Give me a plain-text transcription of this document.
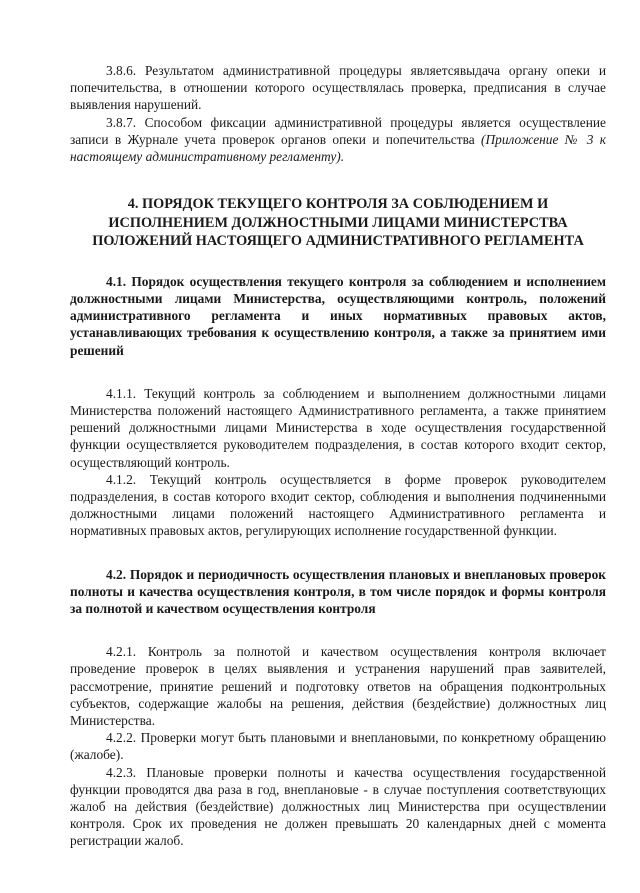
3.8.6. Результатом административной процедуры являетсявыдача органу опеки и попечительства, в отношении которого осуществлялась проверка, предписания в случае выявления нарушений.

3.8.7. Способом фиксации административной процедуры является осуществление записи в Журнале учета проверок органов опеки и попечительства (Приложение № 3 к настоящему административному регламенту).

4. ПОРЯДОК ТЕКУЩЕГО КОНТРОЛЯ ЗА СОБЛЮДЕНИЕМ И ИСПОЛНЕНИЕМ ДОЛЖНОСТНЫМИ ЛИЦАМИ МИНИСТЕРСТВА ПОЛОЖЕНИЙ НАСТОЯЩЕГО АДМИНИСТРАТИВНОГО РЕГЛАМЕНТА

4.1. Порядок осуществления текущего контроля за соблюдением и исполнением должностными лицами Министерства, осуществляющими контроль, положений административного регламента и иных нормативных правовых актов, устанавливающих требования к осуществлению контроля, а также за принятием ими решений

4.1.1. Текущий контроль за соблюдением и выполнением должностными лицами Министерства положений настоящего Административного регламента, а также принятием решений должностными лицами Министерства в ходе осуществления государственной функции осуществляется руководителем подразделения, в состав которого входит сектор, осуществляющий контроль.

4.1.2. Текущий контроль осуществляется в форме проверок руководителем подразделения, в состав которого входит сектор, соблюдения и выполнения подчиненными должностными лицами положений настоящего Административного регламента и нормативных правовых актов, регулирующих исполнение государственной функции.

4.2. Порядок и периодичность осуществления плановых и внеплановых проверок полноты и качества осуществления контроля, в том числе порядок и формы контроля за полнотой и качеством осуществления контроля

4.2.1. Контроль за полнотой и качеством осуществления контроля включает проведение проверок в целях выявления и устранения нарушений прав заявителей, рассмотрение, принятие решений и подготовку ответов на обращения подконтрольных субъектов, содержащие жалобы на решения, действия (бездействие) должностных лиц Министерства.

4.2.2. Проверки могут быть плановыми и внеплановыми, по конкретному обращению (жалобе).

4.2.3. Плановые проверки полноты и качества осуществления государственной функции проводятся два раза в год, внеплановые - в случае поступления соответствующих жалоб на действия (бездействие) должностных лиц Министерства при осуществлении контроля. Срок их проведения не должен превышать 20 календарных дней с момента регистрации жалоб.
